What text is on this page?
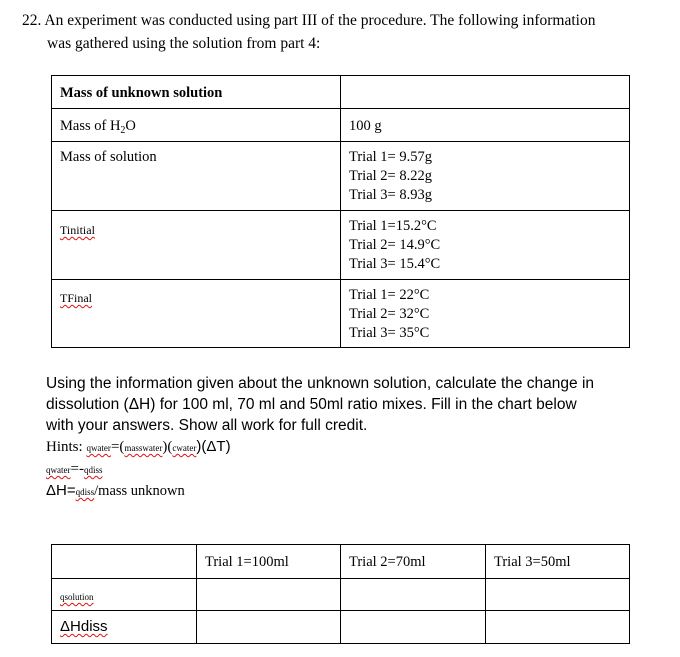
22. An experiment was conducted using part III of the procedure. The following information
was gathered using the solution from part 4:
Mass of unknown solution	

Mass of $H_2O$	100 g

Mass of solution	Trial 1= 9.57g
Trial 2= 8.22g
Trial 3= 8.93g

Tinitial	Trial 1=15.2°C
Trial 2= 14.9°C
Trial 3= 15.4°C

TFinal	Trial 1= 22°C
Trial 2= 32°C
Trial 3= 35°C
Using the information given about the unknown solution, calculate the change in
dissolution (ΔH) for 100 ml, 70 ml and 50ml ratio mixes. Fill in the chart below
with your answers. Show all work for full credit.
Hints: qwater=(masswater)(cwater)(ΔT)
qwater=-qdiss
ΔH=qdiss/mass unknown

	Trial 1=100ml	Trial 2=70ml	Trial 3=50ml

qsolution			

ΔHdiss			
